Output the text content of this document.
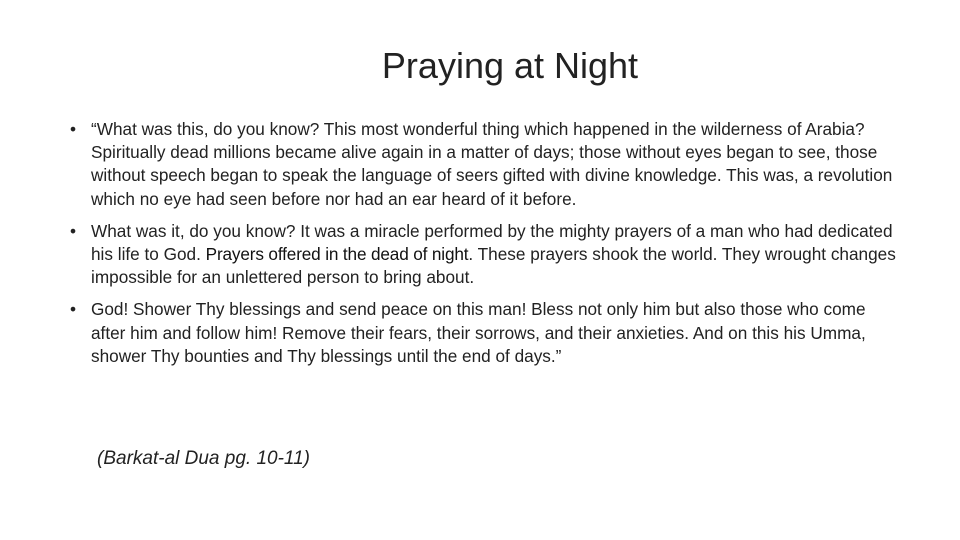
Praying at Night
• “What was this, do you know? This most wonderful thing which happened in the wilderness of Arabia? Spiritually dead millions became alive again in a matter of days; those without eyes began to see, those without speech began to speak the language of seers gifted with divine knowledge. This was, a revolution which no eye had seen before nor had an ear heard of it before.
• What was it, do you know? It was a miracle performed by the mighty prayers of a man who had dedicated his life to God. Prayers offered in the dead of night. These prayers shook the world. They wrought changes impossible for an unlettered person to bring about.
• God! Shower Thy blessings and send peace on this man! Bless not only him but also those who come after him and follow him! Remove their fears, their sorrows, and their anxieties. And on this his Umma, shower Thy bounties and Thy blessings until the end of days.”
(Barkat-al Dua pg. 10-11)
